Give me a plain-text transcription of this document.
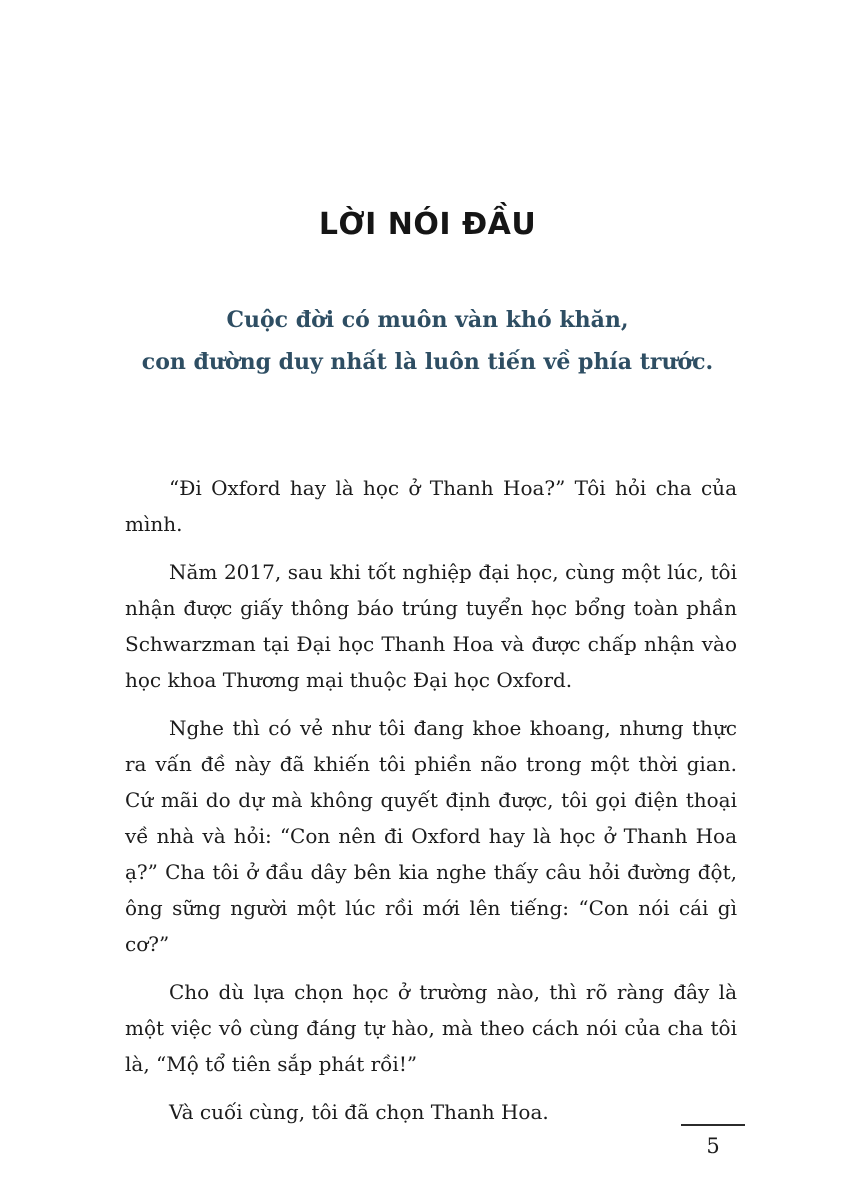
LỜI NÓI ĐẦU
Cuộc đời có muôn vàn khó khăn,
con đường duy nhất là luôn tiến về phía trước.

“Đi Oxford hay là học ở Thanh Hoa?” Tôi hỏi cha của mình.

Năm 2017, sau khi tốt nghiệp đại học, cùng một lúc, tôi nhận được giấy thông báo trúng tuyển học bổng toàn phần Schwarzman tại Đại học Thanh Hoa và được chấp nhận vào học khoa Thương mại thuộc Đại học Oxford.

Nghe thì có vẻ như tôi đang khoe khoang, nhưng thực ra vấn đề này đã khiến tôi phiền não trong một thời gian. Cứ mãi do dự mà không quyết định được, tôi gọi điện thoại về nhà và hỏi: “Con nên đi Oxford hay là học ở Thanh Hoa ạ?” Cha tôi ở đầu dây bên kia nghe thấy câu hỏi đường đột, ông sững người một lúc rồi mới lên tiếng: “Con nói cái gì cơ?”

Cho dù lựa chọn học ở trường nào, thì rõ ràng đây là một việc vô cùng đáng tự hào, mà theo cách nói của cha tôi là, “Mộ tổ tiên sắp phát rồi!”

Và cuối cùng, tôi đã chọn Thanh Hoa.

5
